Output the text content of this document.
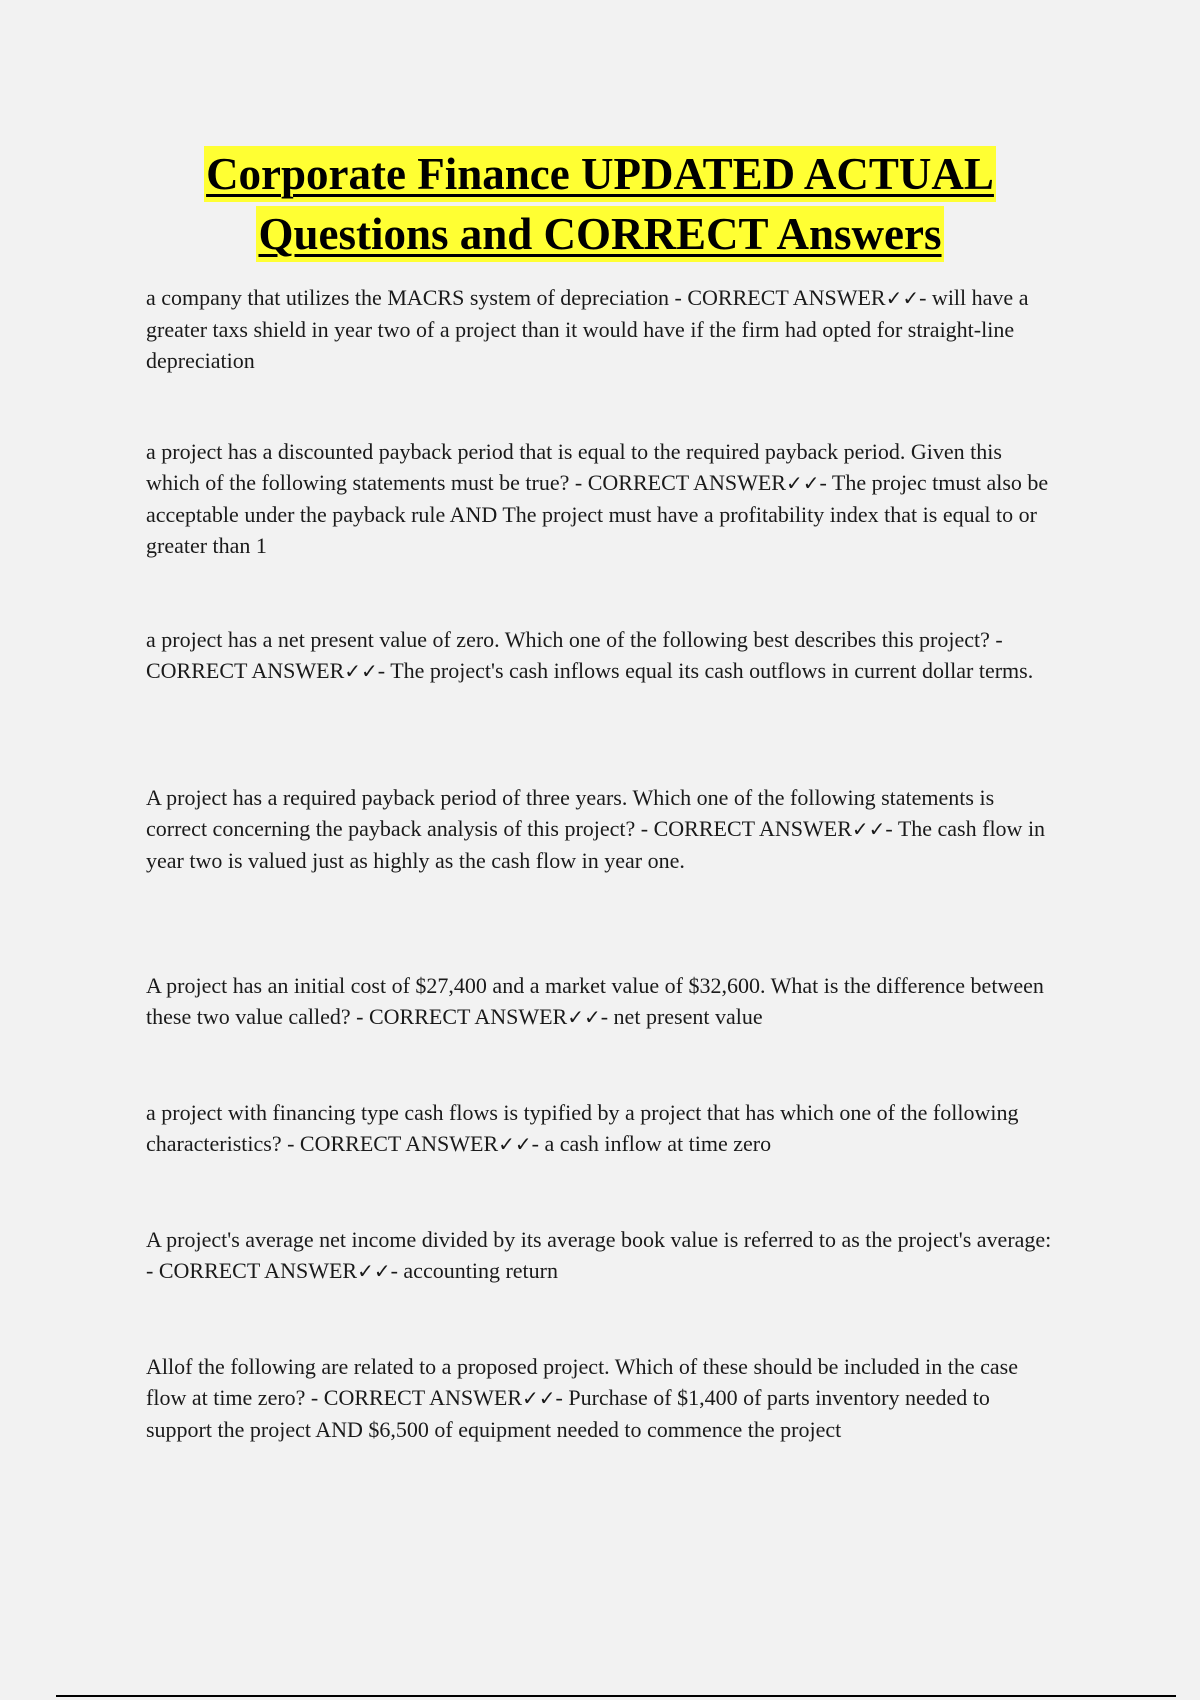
Corporate Finance UPDATED ACTUAL
Questions and CORRECT Answers

a company that utilizes the MACRS system of depreciation - CORRECT ANSWER✓✓- will have a greater taxs shield in year two of a project than it would have if the firm had opted for straight-line depreciation

a project has a discounted payback period that is equal to the required payback period. Given this which of the following statements must be true? - CORRECT ANSWER✓✓- The projec tmust also be acceptable under the payback rule AND The project must have a profitability index that is equal to or greater than 1

a project has a net present value of zero. Which one of the following best describes this project? - CORRECT ANSWER✓✓- The project's cash inflows equal its cash outflows in current dollar terms.

A project has a required payback period of three years. Which one of the following statements is correct concerning the payback analysis of this project? - CORRECT ANSWER✓✓- The cash flow in year two is valued just as highly as the cash flow in year one.

A project has an initial cost of $27,400 and a market value of $32,600. What is the difference between these two value called? - CORRECT ANSWER✓✓- net present value

a project with financing type cash flows is typified by a project that has which one of the following characteristics? - CORRECT ANSWER✓✓- a cash inflow at time zero

A project's average net income divided by its average book value is referred to as the project's average: - CORRECT ANSWER✓✓- accounting return

Allof the following are related to a proposed project. Which of these should be included in the case flow at time zero? - CORRECT ANSWER✓✓- Purchase of $1,400 of parts inventory needed to support the project AND $6,500 of equipment needed to commence the project
